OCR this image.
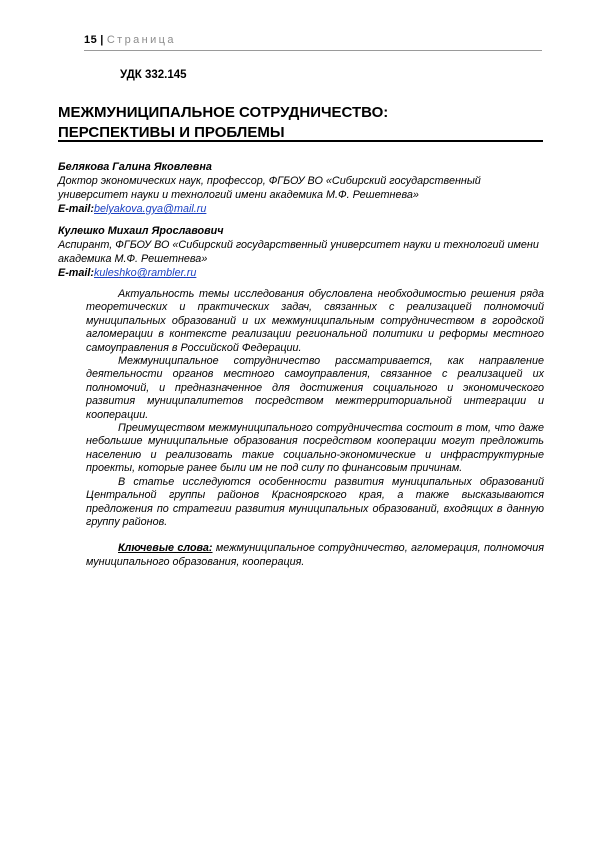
15 | Страница
УДК 332.145
МЕЖМУНИЦИПАЛЬНОЕ СОТРУДНИЧЕСТВО:
ПЕРСПЕКТИВЫ И ПРОБЛЕМЫ
Белякова Галина Яковлевна
Доктор экономических наук, профессор, ФГБОУ ВО «Сибирский государственный университет науки и технологий имени академика М.Ф. Решетнева»
E-mail:belyakova.gya@mail.ru
Кулешко Михаил Ярославович
Аспирант, ФГБОУ ВО «Сибирский государственный университет науки и технологий имени академика М.Ф. Решетнева»
E-mail:kuleshko@rambler.ru

Актуальность темы исследования обусловлена необходимостью решения ряда теоретических и практических задач, связанных с реализацией полномочий муниципальных образований и их межмуниципальным сотрудничеством в городской агломерации в контексте реализации региональной политики и реформы местного самоуправления в Российской Федерации.

Межмуниципальное сотрудничество рассматривается, как направление деятельности органов местного самоуправления, связанное с реализацией их полномочий, и предназначенное для достижения социального и экономического развития муниципалитетов посредством межтерриториальной интеграции и кооперации.

Преимуществом межмуниципального сотрудничества состоит в том, что даже небольшие муниципальные образования посредством кооперации могут предложить населению и реализовать такие социально-экономические и инфраструктурные проекты, которые ранее были им не под силу по финансовым причинам.

В статье исследуются особенности развития муниципальных образований Центральной группы районов Красноярского края, а также высказываются предложения по стратегии развития муниципальных образований, входящих в данную группу районов.

Ключевые слова: межмуниципальное сотрудничество, агломерация, полномочия муниципального образования, кооперация.
